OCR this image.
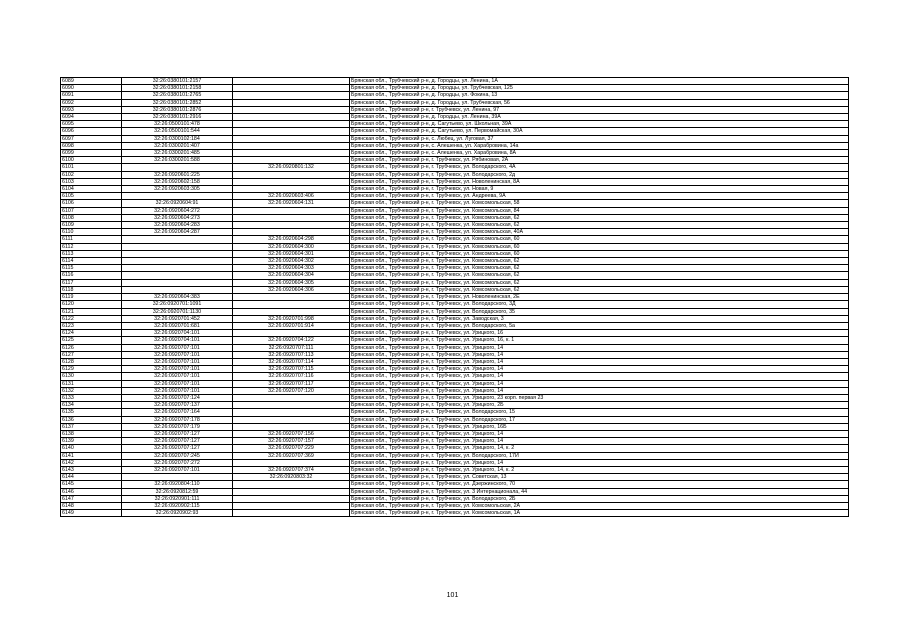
6089	32:26:0380101:2157		Брянская обл., Трубчевский р-н, д. Городцы, ул. Ленина, 1А
6090	32:26:0380101:2158		Брянская обл., Трубчевский р-н, д. Городцы, ул. Трубчевская, 125
6091	32:26:0380101:2765		Брянская обл., Трубчевский р-н, д. Городцы, ул. Фокина, 13
6092	32:26:0380101:2852		Брянская обл., Трубчевский р-н, д. Городцы, ул. Трубчевская, 56
6093	32:26:0380101:2876		Брянская обл., Трубчевский р-н, г. Трубчевск, ул. Ленина, 97
6094	32:26:0380101:2916		Брянская обл., Трубчевский р-н, д. Городцы, ул. Ленина, 39А
6095	32:26:0500101:478		Брянская обл., Трубчевский р-н, д. Сагутьево, ул. Школьная, 39А
6096	32:26:0500101:544		Брянская обл., Трубчевский р-н, д. Сагутьево, ул. Первомайская, 30А
6097	32:26:0300102:184		Брянская обл., Трубчевский р-н, с. Любец, ул. Луговая, 37
6098	32:26:0300201:407		Брянская обл., Трубчевский р-н, с. Алешенка, ул. Харабровина, 14а
6099	32:26:0300201:485		Брянская обл., Трубчевский р-н, с. Алешенка, ул. Харабровина, 8А
6100	32:26:0300201:588		Брянская обл., Трубчевский р-н, г. Трубчевск, ул. Рябиновая, 2А
6101		32:26:0920801:132	Брянская обл., Трубчевский р-н, г. Трубчевск, ул. Володарского, 4А
6102	32:26:0920601:225		Брянская обл., Трубчевский р-н, г. Трубчевск, ул. Володарского, 2д
6103	32:26:0920602:158		Брянская обл., Трубчевский р-н, г. Трубчевск, ул. Новоленинская, 8А
6104	32:26:0920603:305		Брянская обл., Трубчевский р-н, г. Трубчевск, ул. Новая, 9
6105		32:26:0920603:406	Брянская обл., Трубчевский р-н, г. Трубчевск, ул. Андреева, 9А
6106	32:26:0920604:91	32:26:0920604:131	Брянская обл., Трубчевский р-н, г. Трубчевск, ул. Комсомольская, 58
6107	32:26:0920604:272		Брянская обл., Трубчевский р-н, г. Трубчевск, ул. Комсомольская, 84
6108	32:26:0920604:273		Брянская обл., Трубчевский р-н, г. Трубчевск, ул. Комсомольская, 62
6109	32:26:0920604:283		Брянская обл., Трубчевский р-н, г. Трубчевск, ул. Комсомольская, 62
6110	32:26:0920604:287		Брянская обл., Трубчевский р-н, г. Трубчевск, ул. Комсомольская, 40А
6111		32:26:0920604:298	Брянская обл., Трубчевский р-н, г. Трубчевск, ул. Комсомольская, 60
6112		32:26:0920604:300	Брянская обл., Трубчевский р-н, г. Трубчевск, ул. Комсомольская, 60
6113		32:26:0920604:301	Брянская обл., Трубчевский р-н, г. Трубчевск, ул. Комсомольская, 60
6114		32:26:0920604:302	Брянская обл., Трубчевский р-н, г. Трубчевск, ул. Комсомольская, 62
6115		32:26:0920604:303	Брянская обл., Трубчевский р-н, г. Трубчевск, ул. Комсомольская, 62
6116		32:26:0920604:304	Брянская обл., Трубчевский р-н, г. Трубчевск, ул. Комсомольская, 62
6117		32:26:0920604:305	Брянская обл., Трубчевский р-н, г. Трубчевск, ул. Комсомольская, 62
6118		32:26:0920604:306	Брянская обл., Трубчевский р-н, г. Трубчевск, ул. Комсомольская, 62
6119	32:26:0920604:383		Брянская обл., Трубчевский р-н, г. Трубчевск, ул. Новоленинская, 2Е
6120	32:26:0920701:1091		Брянская обл., Трубчевский р-н, г. Трубчевск, ул. Володарского, 3Д
6121	32:26:0920701:1130		Брянская обл., Трубчевский р-н, г. Трубчевск, ул. Володарского, 35
6122	32:26:0920701:452	32:26:0920701:998	Брянская обл., Трубчевский р-н, г. Трубчевск, ул. Заводская, 3
6123	32:26:0920701:681	32:26:0920701:914	Брянская обл., Трубчевский р-н, г. Трубчевск, ул. Володарского, 5а
6124	32:26:0920704:101		Брянская обл., Трубчевский р-н, г. Трубчевск, ул. Урицкого, 16
6125	32:26:0920704:101	32:26:0920704:122	Брянская обл., Трубчевский р-н, г. Трубчевск, ул. Урицкого, 16, к. 1
6126	32:26:0920707:101	32:26:0920707:111	Брянская обл., Трубчевский р-н, г. Трубчевск, ул. Урицкого, 14
6127	32:26:0920707:101	32:26:0920707:113	Брянская обл., Трубчевский р-н, г. Трубчевск, ул. Урицкого, 14
6128	32:26:0920707:101	32:26:0920707:114	Брянская обл., Трубчевский р-н, г. Трубчевск, ул. Урицкого, 14
6129	32:26:0920707:101	32:26:0920707:115	Брянская обл., Трубчевский р-н, г. Трубчевск, ул. Урицкого, 14
6130	32:26:0920707:101	32:26:0920707:116	Брянская обл., Трубчевский р-н, г. Трубчевск, ул. Урицкого, 14
6131	32:26:0920707:101	32:26:0920707:117	Брянская обл., Трубчевский р-н, г. Трубчевск, ул. Урицкого, 14
6132	32:26:0920707:101	32:26:0920707:120	Брянская обл., Трубчевский р-н, г. Трубчевск, ул. Урицкого, 14
6133	32:26:0920707:124		Брянская обл., Трубчевский р-н, г. Трубчевск, ул. Урицкого, 23 корп. первая 23
6134	32:26:0920707:137		Брянская обл., Трубчевский р-н, г. Трубчевск, ул. Урицкого, 2Б
6135	32:26:0920707:164		Брянская обл., Трубчевский р-н, г. Трубчевск, ул. Володарского, 15
6136	32:26:0920707:178		Брянская обл., Трубчевский р-н, г. Трубчевск, ул. Володарского, 17
6137	32:26:0920707:179		Брянская обл., Трубчевский р-н, г. Трубчевск, ул. Урицкого, 16Б
6138	32:26:0920707:127	32:26:0920707:156	Брянская обл., Трубчевский р-н, г. Трубчевск, ул. Урицкого, 14
6139	32:26:0920707:127	32:26:0920707:157	Брянская обл., Трубчевский р-н, г. Трубчевск, ул. Урицкого, 14
6140	32:26:0920707:127	32:26:0920707:229	Брянская обл., Трубчевский р-н, г. Трубчевск, ул. Урицкого, 14, к. 2
6141	32:26:0920707:245	32:26:0920707:369	Брянская обл., Трубчевский р-н, г. Трубчевск, ул. Володарского, 17И
6142	32:26:0920707:272		Брянская обл., Трубчевский р-н, г. Трубчевск, ул. Урицкого, 14
6143	32:26:0920707:101	32:26:0920707:374	Брянская обл., Трубчевский р-н, г. Трубчевск, ул. Урицкого, 14, к. 2
6144		32:26:0920803:32	Брянская обл., Трубчевский р-н, г. Трубчевск, ул. Советская, 13
6145	32:26:0920804:110		Брянская обл., Трубчевский р-н, г. Трубчевск, ул. Дзержинского, 70
6146	32:26:0920812:59		Брянская обл., Трубчевский р-н, г. Трубчевск, ул. 3 Интернационала, 44
6147	32:26:0920901:111		Брянская обл., Трубчевский р-н, г. Трубчевск, ул. Володарского, 2Б
6148	32:26:0920902:115		Брянская обл., Трубчевский р-н, г. Трубчевск, ул. Комсомольская, 2А
6149	32:26:0920902:93		Брянская обл., Трубчевский р-н, г. Трубчевск, ул. Комсомольская, 1А
101
